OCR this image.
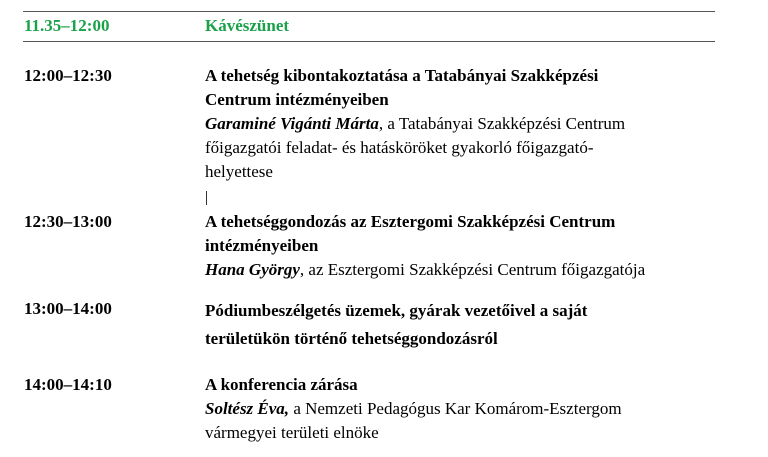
11.35–12:00	Kávészünet
12:00–12:30	A tehetség kibontakoztatása a Tatabányai Szakképzési
Centrum intézményeiben
Garaminé Vigánti Márta, a Tatabányai Szakképzési Centrum
főigazgatói feladat- és hatásköröket gyakorló főigazgató-
helyettese
12:30–13:00	A tehetséggondozás az Esztergomi Szakképzési Centrum
intézményeiben
Hana György, az Esztergomi Szakképzési Centrum főigazgatója
13:00–14:00	Pódiumbeszélgetés üzemek, gyárak vezetőivel a saját
területükön történő tehetséggondozásról
14:00–14:10	A konferencia zárása
Soltész Éva, a Nemzeti Pedagógus Kar Komárom-Esztergom
vármegyei területi elnöke
